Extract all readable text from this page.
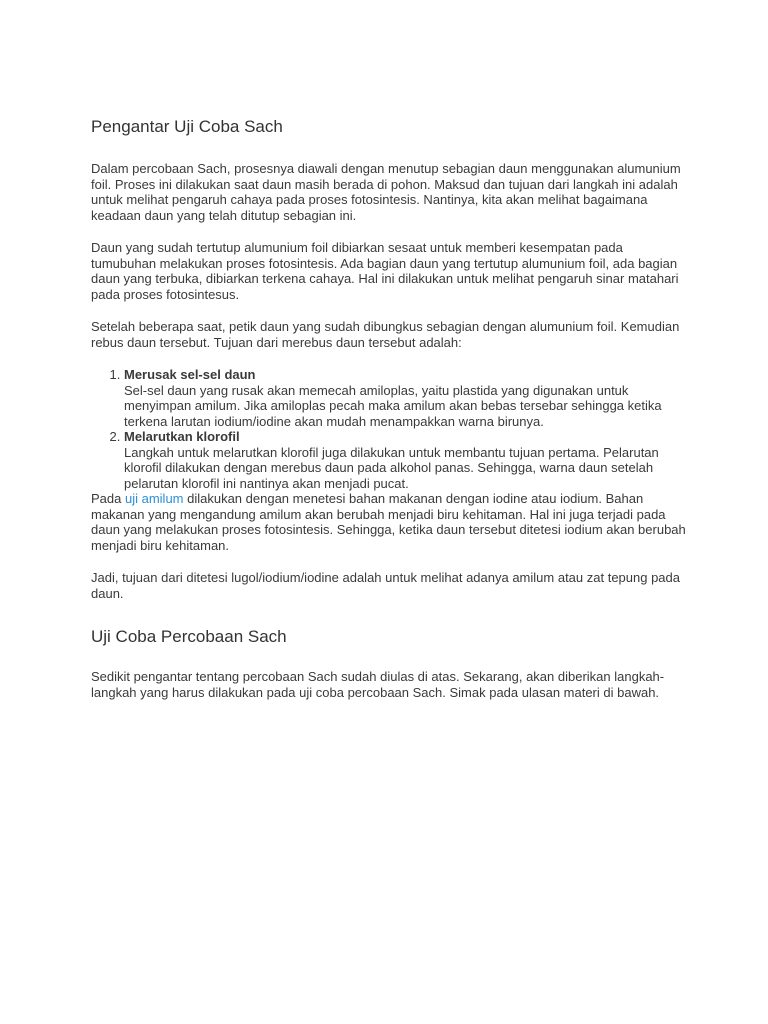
Pengantar Uji Coba Sach

Dalam percobaan Sach, prosesnya diawali dengan menutup sebagian daun menggunakan alumunium foil. Proses ini dilakukan saat daun masih berada di pohon. Maksud dan tujuan dari langkah ini adalah untuk melihat pengaruh cahaya pada proses fotosintesis. Nantinya, kita akan melihat bagaimana keadaan daun yang telah ditutup sebagian ini.

Daun yang sudah tertutup alumunium foil dibiarkan sesaat untuk memberi kesempatan pada tumubuhan melakukan proses fotosintesis. Ada bagian daun yang tertutup alumunium foil, ada bagian daun yang terbuka, dibiarkan terkena cahaya. Hal ini dilakukan untuk melihat pengaruh sinar matahari pada proses fotosintesus.

Setelah beberapa saat, petik daun yang sudah dibungkus sebagian dengan alumunium foil. Kemudian rebus daun tersebut. Tujuan dari merebus daun tersebut adalah:

1. Merusak sel-sel daun
Sel-sel daun yang rusak akan memecah amiloplas, yaitu plastida yang digunakan untuk menyimpan amilum. Jika amiloplas pecah maka amilum akan bebas tersebar sehingga ketika terkena larutan iodium/iodine akan mudah menampakkan warna birunya.
2. Melarutkan klorofil
Langkah untuk melarutkan klorofil juga dilakukan untuk membantu tujuan pertama. Pelarutan klorofil dilakukan dengan merebus daun pada alkohol panas. Sehingga, warna daun setelah pelarutan klorofil ini nantinya akan menjadi pucat.

Pada uji amilum dilakukan dengan menetesi bahan makanan dengan iodine atau iodium. Bahan makanan yang mengandung amilum akan berubah menjadi biru kehitaman. Hal ini juga terjadi pada daun yang melakukan proses fotosintesis. Sehingga, ketika daun tersebut ditetesi iodium akan berubah menjadi biru kehitaman.

Jadi, tujuan dari ditetesi lugol/iodium/iodine adalah untuk melihat adanya amilum atau zat tepung pada daun.

Uji Coba Percobaan Sach

Sedikit pengantar tentang percobaan Sach sudah diulas di atas. Sekarang, akan diberikan langkah-langkah yang harus dilakukan pada uji coba percobaan Sach. Simak pada ulasan materi di bawah.
